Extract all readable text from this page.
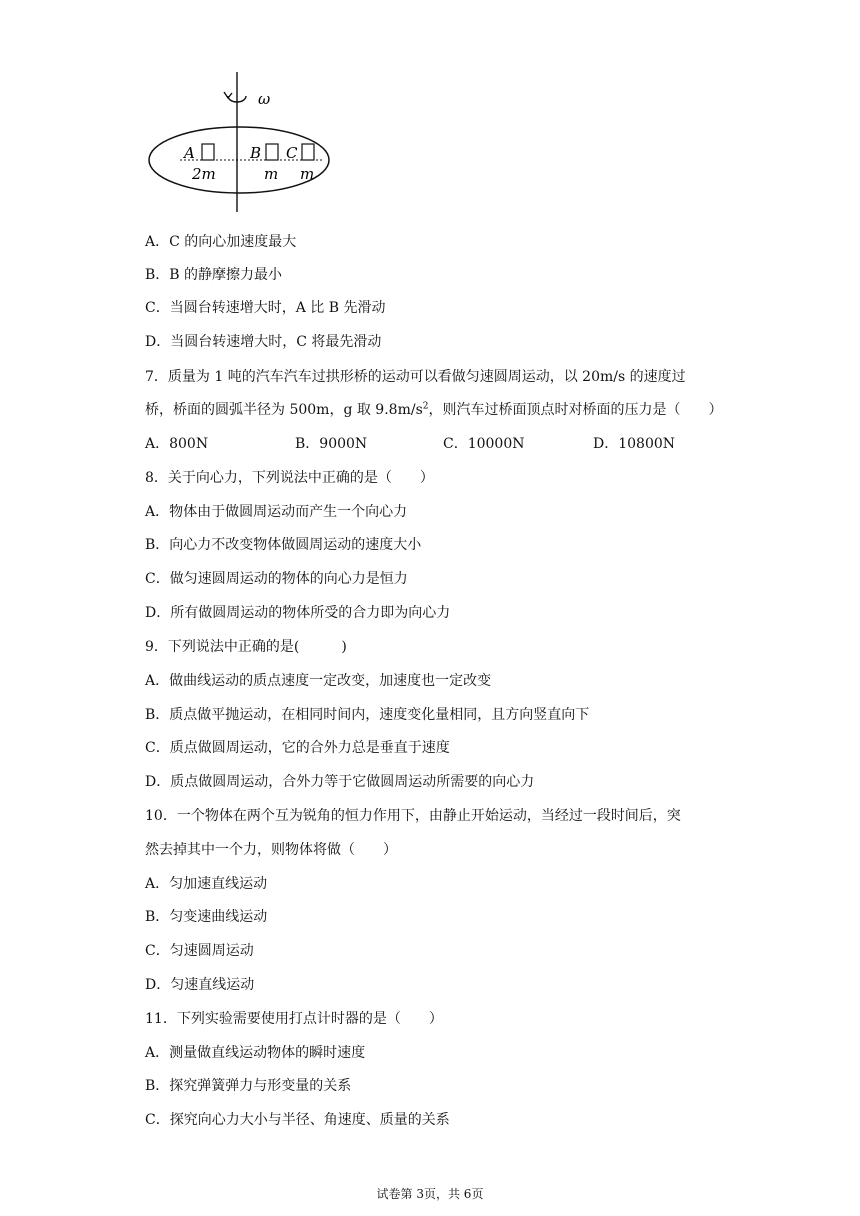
ω
A
2m
B
m
C
m
A．C 的向心加速度最大
B．B 的静摩擦力最小
C．当圆台转速增大时，A 比 B 先滑动
D．当圆台转速增大时，C 将最先滑动
7．质量为 1 吨的汽车汽车过拱形桥的运动可以看做匀速圆周运动，以 20m/s 的速度过
桥，桥面的圆弧半径为 500m，g 取 $9.8m/s^2$，则汽车过桥面顶点时对桥面的压力是（　　）
A．800N	B．9000N	C．10000N	D．10800N
8．关于向心力，下列说法中正确的是（　　）
A．物体由于做圆周运动而产生一个向心力
B．向心力不改变物体做圆周运动的速度大小
C．做匀速圆周运动的物体的向心力是恒力
D．所有做圆周运动的物体所受的合力即为向心力
9．下列说法中正确的是(　　　)
A．做曲线运动的质点速度一定改变，加速度也一定改变
B．质点做平抛运动，在相同时间内，速度变化量相同，且方向竖直向下
C．质点做圆周运动，它的合外力总是垂直于速度
D．质点做圆周运动，合外力等于它做圆周运动所需要的向心力
10．一个物体在两个互为锐角的恒力作用下，由静止开始运动，当经过一段时间后，突
然去掉其中一个力，则物体将做（　　）
A．匀加速直线运动
B．匀变速曲线运动
C．匀速圆周运动
D．匀速直线运动
11．下列实验需要使用打点计时器的是（　　）
A．测量做直线运动物体的瞬时速度
B．探究弹簧弹力与形变量的关系
C．探究向心力大小与半径、角速度、质量的关系
试卷第 3页，共 6页
